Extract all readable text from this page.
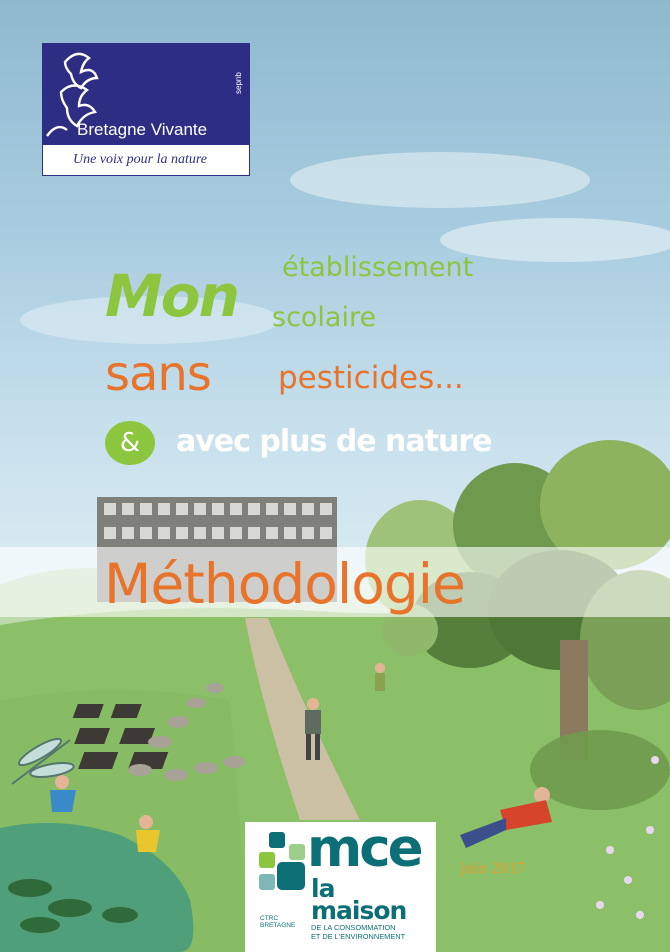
Bretagne Vivante
sepnb
Une voix pour la nature
établissement
Mon scolaire
sans pesticides...
&	avec plus de nature
Méthodologie
CTRC
BRETAGNE
mce
la maison
DE LA CONSOMMATION
ET DE L'ENVIRONNEMENT
juin 2017
